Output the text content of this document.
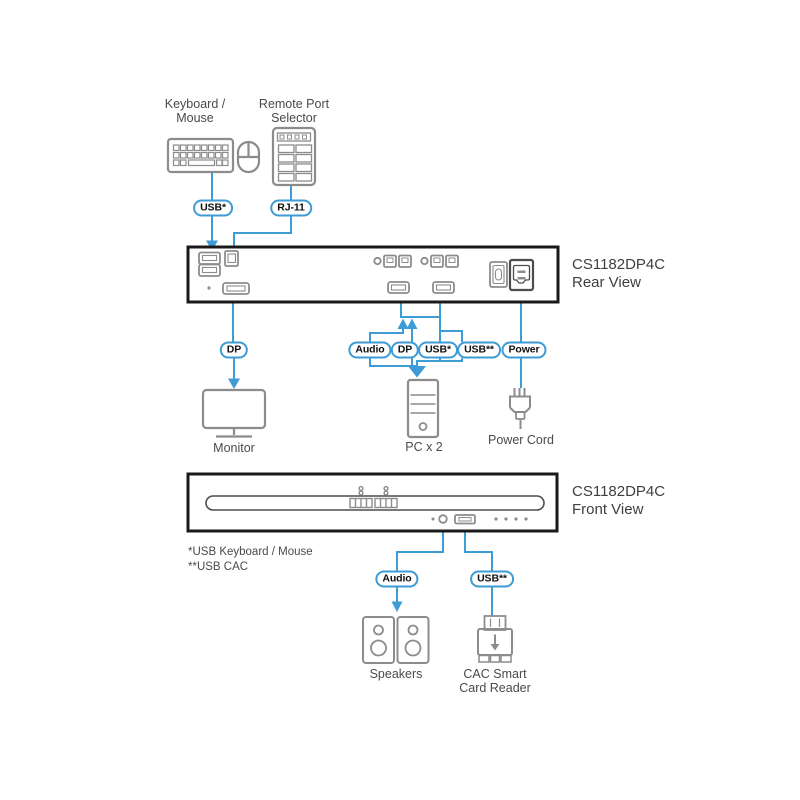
Keyboard /
Mouse
Remote Port
Selector
CS1182DP4C
Rear View
CS1182DP4C
Front View
Monitor	PC x 2	Power Cord
Speakers	CAC Smart
Card Reader
*USB Keyboard / Mouse
**USB CAC
USB*	RJ-11
DP	Audio	DP	USB*	USB**	Power
Audio	USB**
